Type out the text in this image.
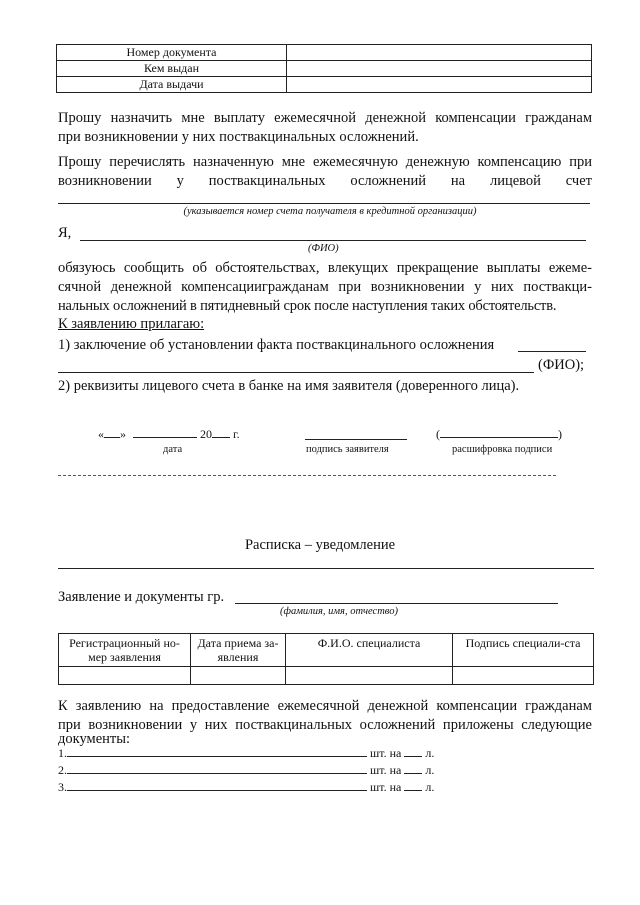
Номер документа	
Кем выдан	
Дата выдачи	
Прошу назначить мне выплату ежемесячной денежной компенсации гражданам
при возникновении у них поствакцинальных осложнений.
Прошу перечислять назначенную мне ежемесячную денежную компенсацию при
возникновении у поствакцинальных осложнений на лицевой счет
(указывается номер счета получателя в кредитной организации)
Я,
(ФИО)
обязуюсь сообщить об обстоятельствах, влекущих прекращение выплаты ежеме-
сячной денежной компенсациигражданам при возникновении у них поствакци-
нальных осложнений в пятидневный срок после наступления таких обстоятельств.
К заявлению прилагаю:
1) заключение об установлении факта поствакцинального осложнения
(ФИО);
2) реквизиты лицевого счета в банке на имя заявителя (доверенного лица).
« »	20 г.
дата	подпись заявителя
(	)
расшифровка подписи
Расписка – уведомление
Заявление и документы гр.
(фамилия, имя, отчество)
Регистрационный но-мер заявления	Дата приема за-явления	Ф.И.О. специалиста	Подпись специали-ста

К заявлению на предоставление ежемесячной денежной компенсации гражданам
при возникновении у них поствакцинальных осложнений приложены следующие
документы:
1.	шт. на л.
2.	шт. на л.
3.	шт. на л.
